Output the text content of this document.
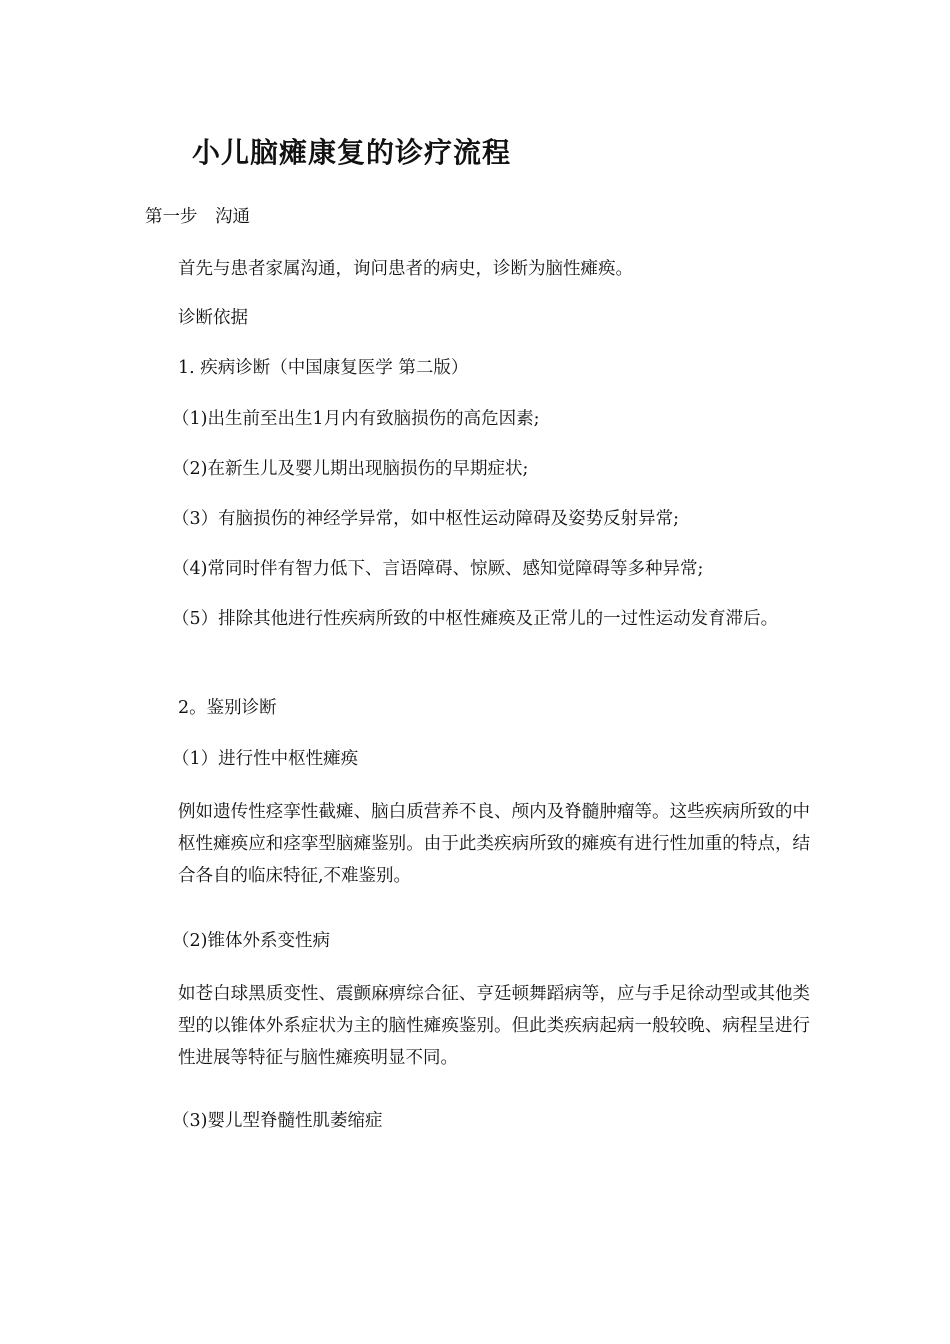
小儿脑瘫康复的诊疗流程
第一步　沟通
首先与患者家属沟通，询问患者的病史，诊断为脑性瘫痪。
诊断依据
1. 疾病诊断（中国康复医学 第二版）
（1)出生前至出生1月内有致脑损伤的高危因素;
（2)在新生儿及婴儿期出现脑损伤的早期症状;
（3）有脑损伤的神经学异常，如中枢性运动障碍及姿势反射异常;
（4)常同时伴有智力低下、言语障碍、惊厥、感知觉障碍等多种异常;
（5）排除其他进行性疾病所致的中枢性瘫痪及正常儿的一过性运动发育滞后。
2。鉴别诊断
（1）进行性中枢性瘫痪
例如遗传性痉挛性截瘫、脑白质营养不良、颅内及脊髓肿瘤等。这些疾病所致的中枢性瘫痪应和痉挛型脑瘫鉴别。由于此类疾病所致的瘫痪有进行性加重的特点，结合各自的临床特征,不难鉴别。
（2)锥体外系变性病
如苍白球黑质变性、震颤麻痹综合征、亨廷顿舞蹈病等，应与手足徐动型或其他类型的以锥体外系症状为主的脑性瘫痪鉴别。但此类疾病起病一般较晚、病程呈进行性进展等特征与脑性瘫痪明显不同。
（3)婴儿型脊髓性肌萎缩症
